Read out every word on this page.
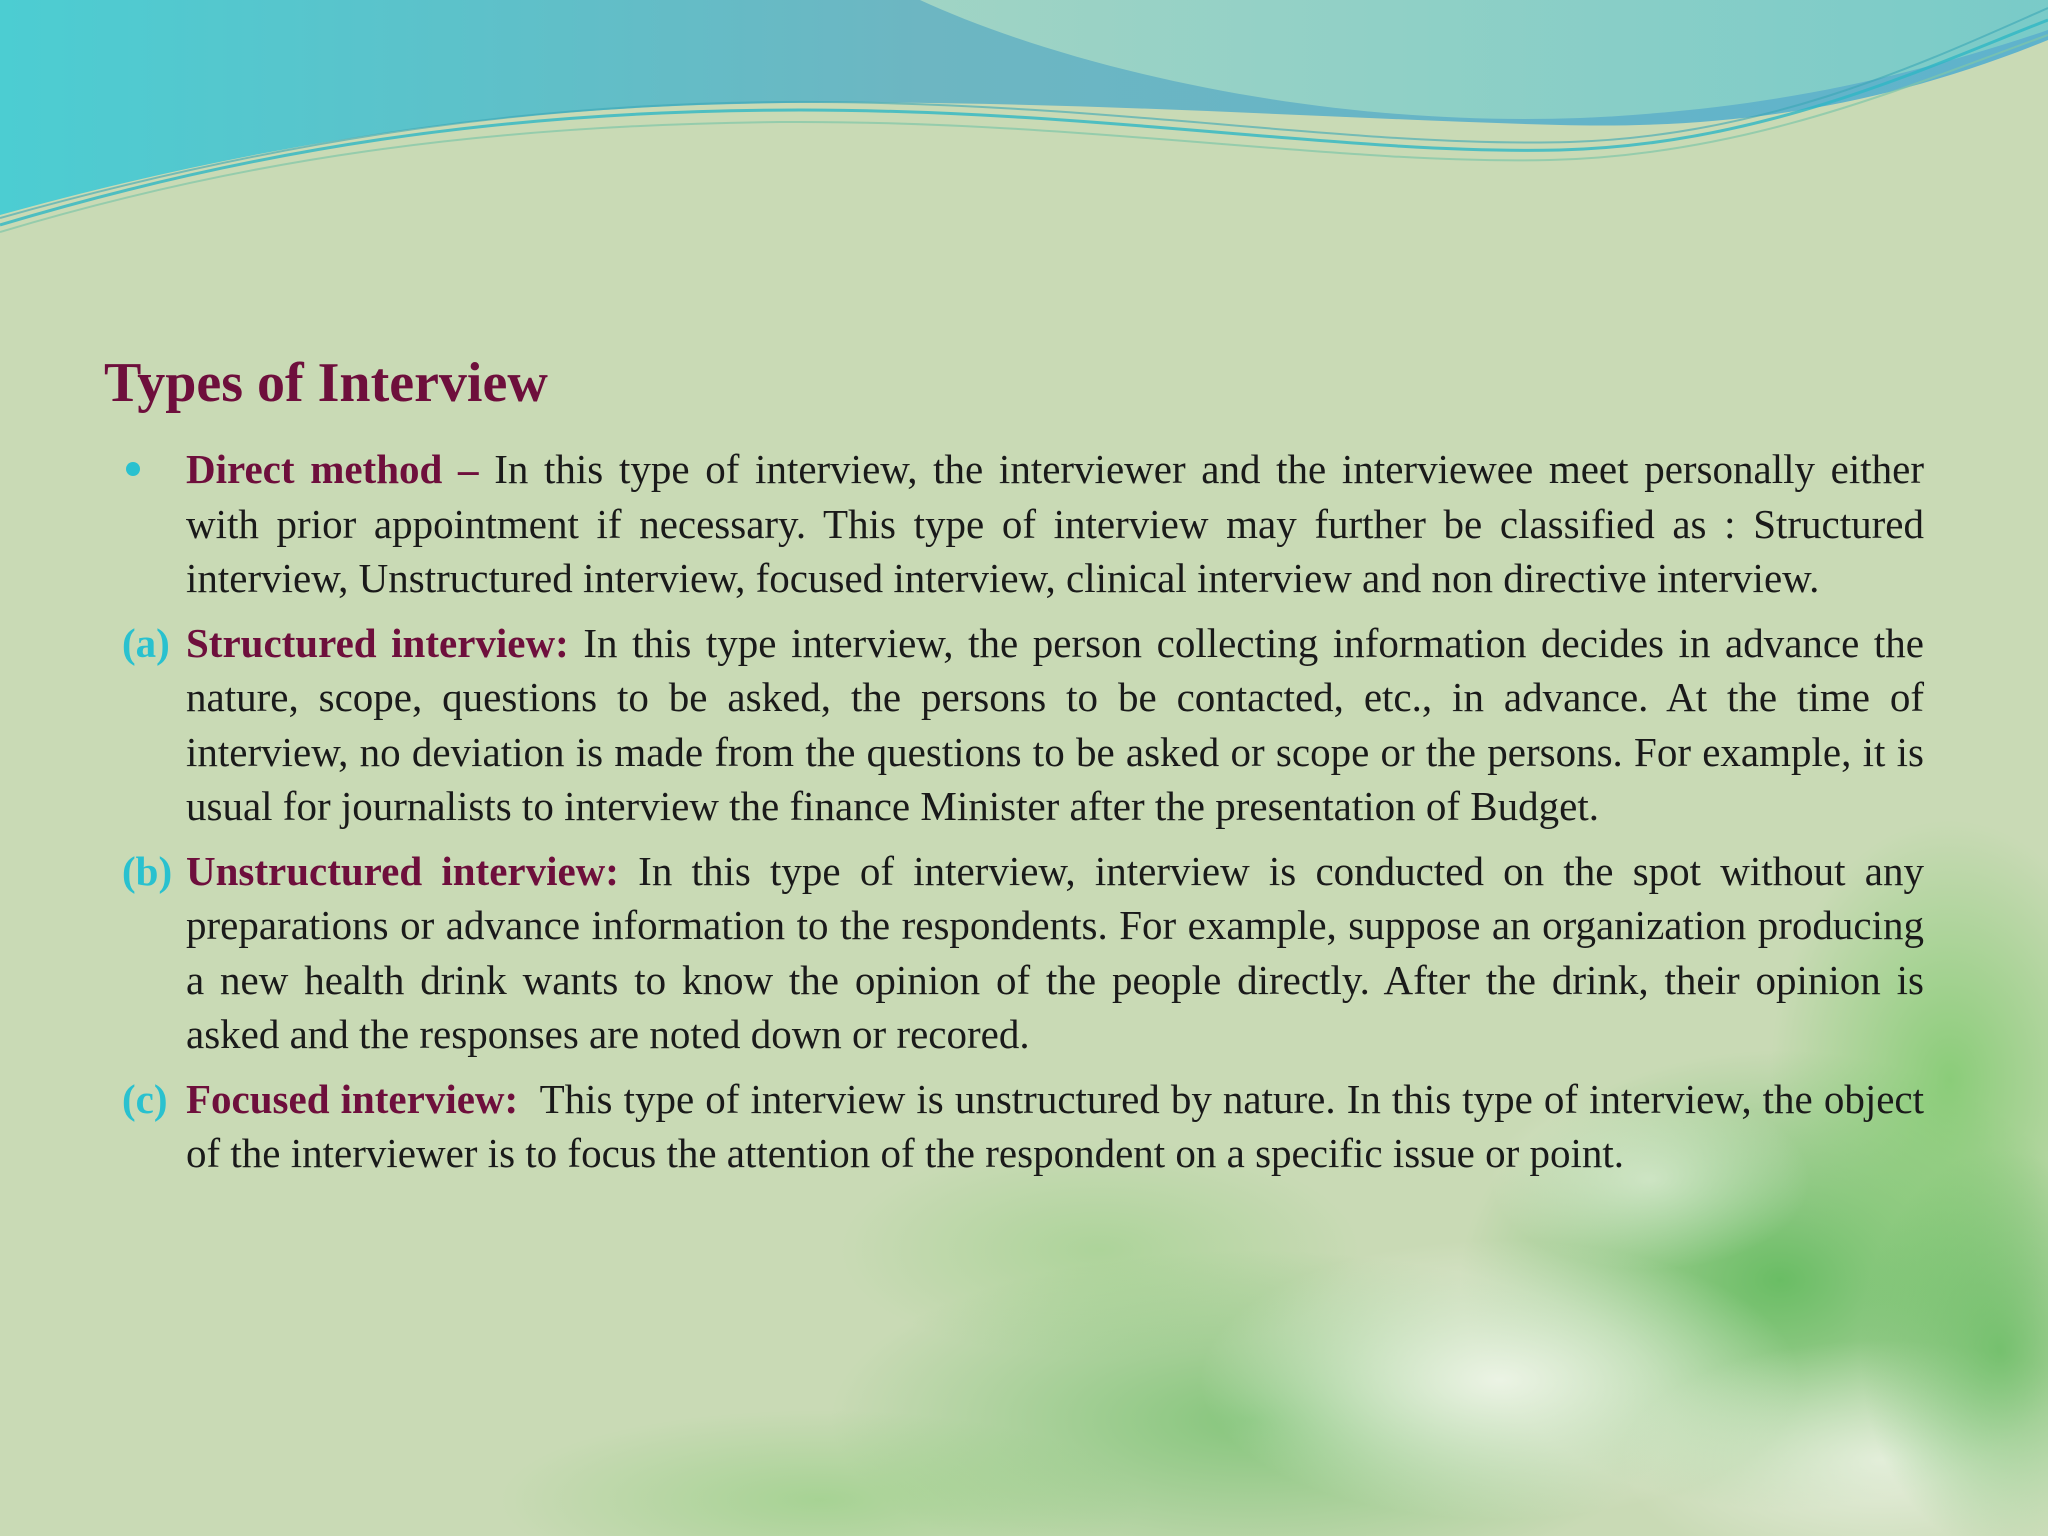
Types of Interview
Direct method – In this type of interview, the interviewer and the interviewee meet personally either with prior appointment if necessary. This type of interview may further be classified as : Structured interview, Unstructured interview, focused interview, clinical interview and non directive interview.
(a) Structured interview: In this type interview, the person collecting information decides in advance the nature, scope, questions to be asked, the persons to be contacted, etc., in advance. At the time of interview, no deviation is made from the questions to be asked or scope or the persons. For example, it is usual for journalists to interview the finance Minister after the presentation of Budget.
(b) Unstructured interview: In this type of interview, interview is conducted on the spot without any preparations or advance information to the respondents. For example, suppose an organization producing a new health drink wants to know the opinion of the people directly. After the drink, their opinion is asked and the responses are noted down or recored.
(c) Focused interview:  This type of interview is unstructured by nature. In this type of interview, the object of the interviewer is to focus the attention of the respondent on a specific issue or point.
